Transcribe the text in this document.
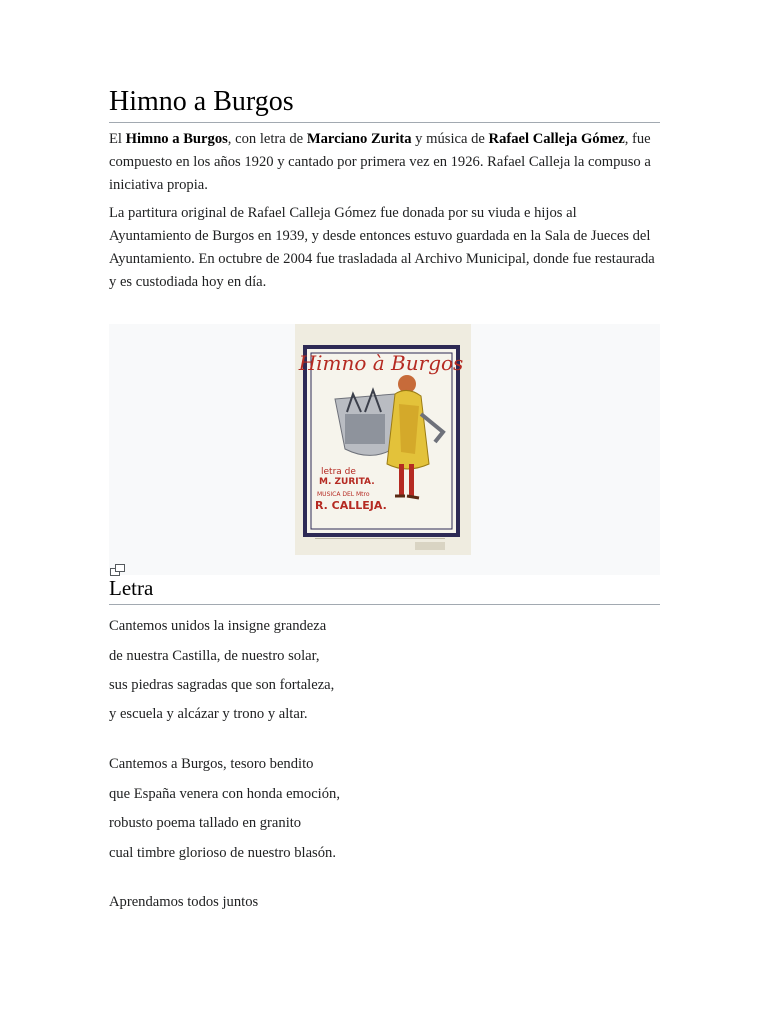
Himno a Burgos

El Himno a Burgos, con letra de Marciano Zurita y música de Rafael Calleja Gómez, fue compuesto en los años 1920 y cantado por primera vez en 1926. Rafael Calleja la compuso a iniciativa propia.

La partitura original de Rafael Calleja Gómez fue donada por su viuda e hijos al Ayuntamiento de Burgos en 1939, y desde entonces estuvo guardada en la Sala de Jueces del Ayuntamiento. En octubre de 2004 fue trasladada al Archivo Municipal, donde fue restaurada y es custodiada hoy en día.

Himno à Burgos
letra de
M. ZURITA.
MUSICA DEL Mtro
R. CALLEJA.
Letra
Cantemos unidos la insigne grandeza
de nuestra Castilla, de nuestro solar,
sus piedras sagradas que son fortaleza,
y escuela y alcázar y trono y altar.
Cantemos a Burgos, tesoro bendito
que España venera con honda emoción,
robusto poema tallado en granito
cual timbre glorioso de nuestro blasón.
Aprendamos todos juntos
